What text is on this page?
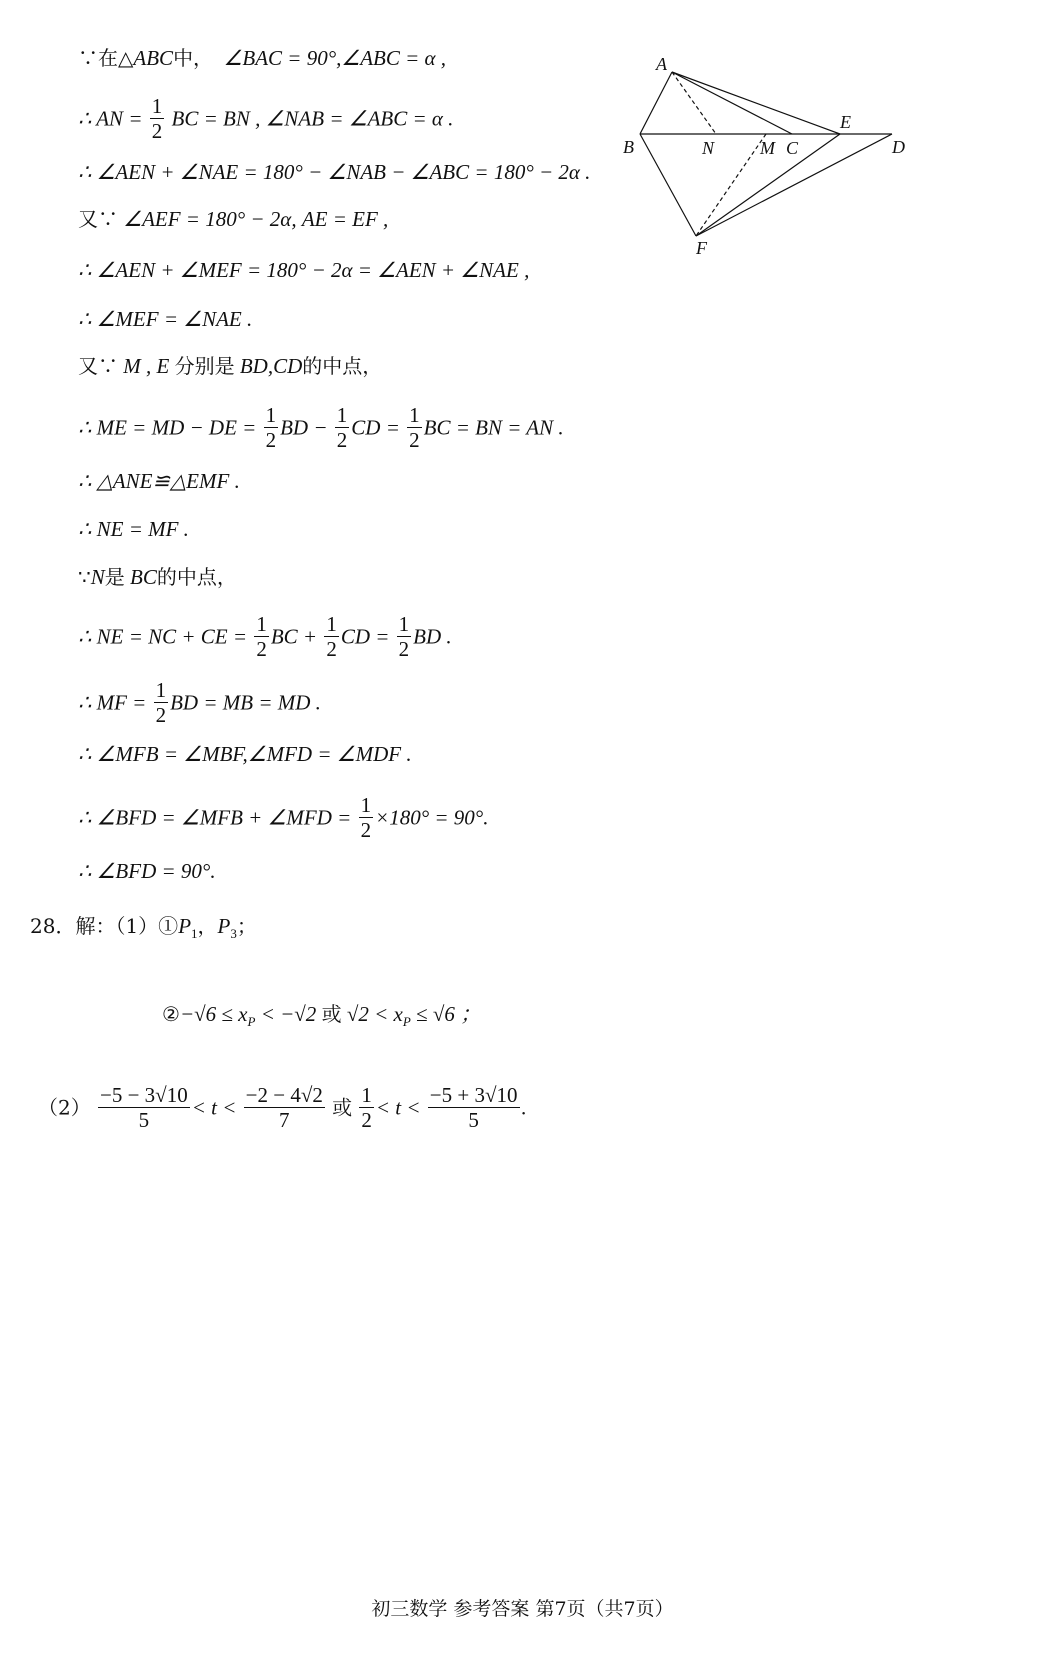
A
B	N	M C
E
D
F
∵在△ABC中， ∠BAC = 90°,∠ABC = α ,
∴ AN = $\frac{1}{2}$ BC = BN , ∠NAB = ∠ABC = α .
∴ ∠AEN + ∠NAE = 180° − ∠NAB − ∠ABC = 180° − 2α .
又∵ ∠AEF = 180° − 2α, AE = EF ,
∴ ∠AEN + ∠MEF = 180° − 2α = ∠AEN + ∠NAE ,
∴ ∠MEF = ∠NAE .
又∵ M , E 分别是 BD,CD的中点，
∴ ME = MD − DE = $\frac{1}{2}$ BD − $\frac{1}{2}$ CD = $\frac{1}{2}$ BC = BN = AN .
∴ △ANE≌△EMF .
∴ NE = MF .
∵N是 BC的中点，
∴ NE = NC + CE = $\frac{1}{2}$ BC + $\frac{1}{2}$ CD = $\frac{1}{2}$ BD .
∴ MF = $\frac{1}{2}$ BD = MB = MD .
∴ ∠MFB = ∠MBF,∠MFD = ∠MDF .
∴ ∠BFD = ∠MFB + ∠MFD = $\frac{1}{2} \times 180^\circ = 90^\circ$.
∴ ∠BFD = 90°.
28．解：$(1)①P_1$，$P_3$；
②−√6 ≤ $x_P < -√2$ 或 $√2 < x_P \le √6$ ；
$(2) \frac{-5 - 3√10}{5} < t < \frac{-2 - 4√2}{7}$ 或 $\frac{1}{2} < t < \frac{-5 + 3√10}{5}$ .
初三数学 参考答案 第7页（共7页）
